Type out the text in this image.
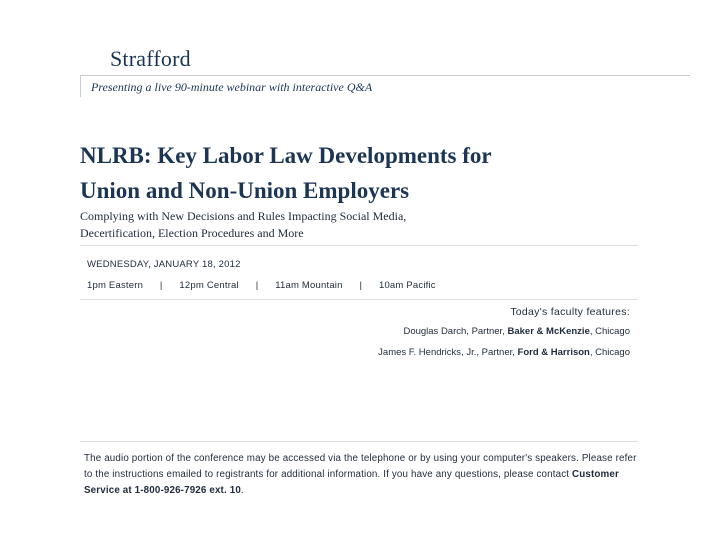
Strafford
Presenting a live 90-minute webinar with interactive Q&A
NLRB: Key Labor Law Developments for
Union and Non-Union Employers
Complying with New Decisions and Rules Impacting Social Media,
Decertification, Election Procedures and More
WEDNESDAY, JANUARY 18, 2012
1pm Eastern | 12pm Central | 11am Mountain | 10am Pacific
Today's faculty features:
Douglas Darch, Partner, Baker & McKenzie, Chicago
James F. Hendricks, Jr., Partner, Ford & Harrison, Chicago
The audio portion of the conference may be accessed via the telephone or by using your computer's speakers. Please refer to the instructions emailed to registrants for additional information. If you have any questions, please contact Customer Service at 1-800-926-7926 ext. 10.
